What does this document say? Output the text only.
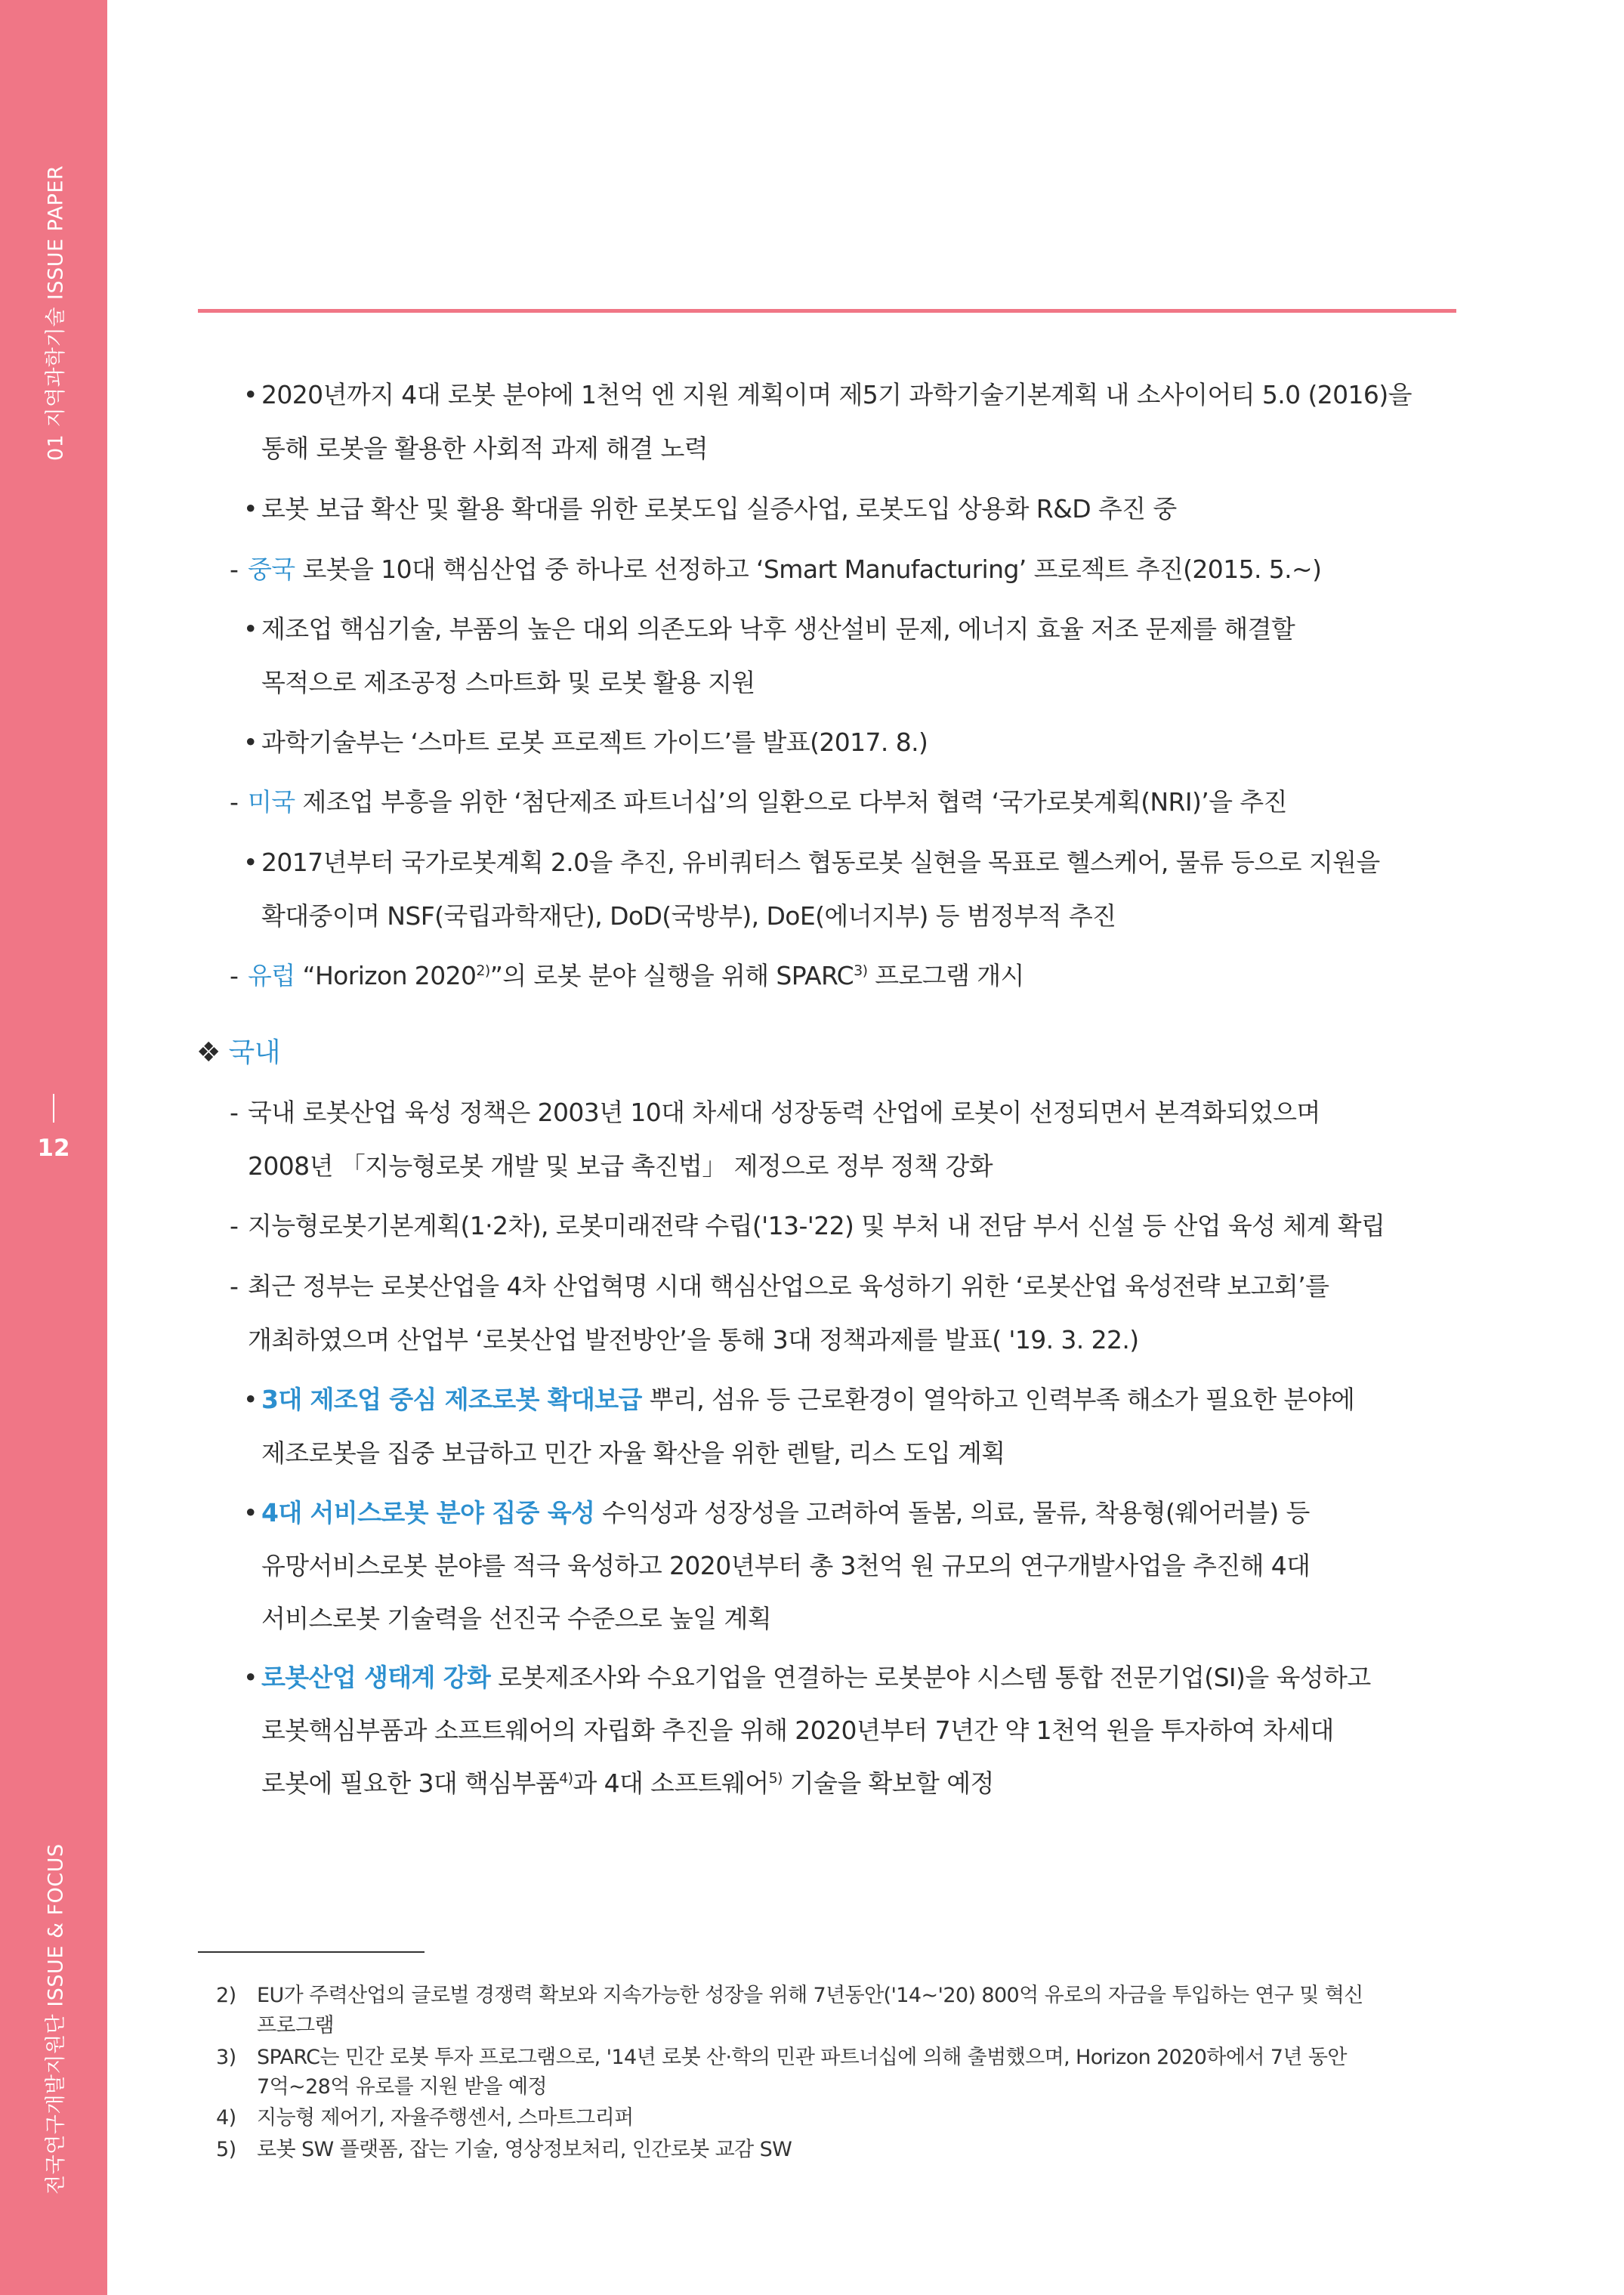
01 지역과학기술 ISSUE PAPER
12
전국연구개발지원단 ISSUE & FOCUS
• 2020년까지 4대 로봇 분야에 1천억 엔 지원 계획이며 제5기 과학기술기본계획 내 소사이어티 5.0 (2016)을
통해 로봇을 활용한 사회적 과제 해결 노력
• 로봇 보급 확산 및 활용 확대를 위한 로봇도입 실증사업, 로봇도입 상용화 R&D 추진 중
- 중국 로봇을 10대 핵심산업 중 하나로 선정하고 ‘Smart Manufacturing’ 프로젝트 추진(2015. 5.~)
• 제조업 핵심기술, 부품의 높은 대외 의존도와 낙후 생산설비 문제, 에너지 효율 저조 문제를 해결할
목적으로 제조공정 스마트화 및 로봇 활용 지원
• 과학기술부는 ‘스마트 로봇 프로젝트 가이드’를 발표(2017. 8.)
- 미국 제조업 부흥을 위한 ‘첨단제조 파트너십’의 일환으로 다부처 협력 ‘국가로봇계획(NRI)’을 추진
• 2017년부터 국가로봇계획 2.0을 추진, 유비쿼터스 협동로봇 실현을 목표로 헬스케어, 물류 등으로 지원을
확대중이며 NSF(국립과학재단), DoD(국방부), DoE(에너지부) 등 범정부적 추진
- 유럽 “Horizon 2020$^{2)}$”의 로봇 분야 실행을 위해 SPARC$^{3)}$ 프로그램 개시
❖ 국내
- 국내 로봇산업 육성 정책은 2003년 10대 차세대 성장동력 산업에 로봇이 선정되면서 본격화되었으며
2008년 「지능형로봇 개발 및 보급 촉진법」 제정으로 정부 정책 강화
- 지능형로봇기본계획(1·2차), 로봇미래전략 수립('13-'22) 및 부처 내 전담 부서 신설 등 산업 육성 체계 확립
- 최근 정부는 로봇산업을 4차 산업혁명 시대 핵심산업으로 육성하기 위한 ‘로봇산업 육성전략 보고회’를
개최하였으며 산업부 ‘로봇산업 발전방안’을 통해 3대 정책과제를 발표( '19. 3. 22.)
• 3대 제조업 중심 제조로봇 확대보급 뿌리, 섬유 등 근로환경이 열악하고 인력부족 해소가 필요한 분야에
제조로봇을 집중 보급하고 민간 자율 확산을 위한 렌탈, 리스 도입 계획
• 4대 서비스로봇 분야 집중 육성 수익성과 성장성을 고려하여 돌봄, 의료, 물류, 착용형(웨어러블) 등
유망서비스로봇 분야를 적극 육성하고 2020년부터 총 3천억 원 규모의 연구개발사업을 추진해 4대
서비스로봇 기술력을 선진국 수준으로 높일 계획
• 로봇산업 생태계 강화 로봇제조사와 수요기업을 연결하는 로봇분야 시스템 통합 전문기업(SI)을 육성하고
로봇핵심부품과 소프트웨어의 자립화 추진을 위해 2020년부터 7년간 약 1천억 원을 투자하여 차세대
로봇에 필요한 3대 핵심부품$^{4)}$과 4대 소프트웨어$^{5)}$ 기술을 확보할 예정
2) EU가 주력산업의 글로벌 경쟁력 확보와 지속가능한 성장을 위해 7년동안('14~'20) 800억 유로의 자금을 투입하는 연구 및 혁신
프로그램
3) SPARC는 민간 로봇 투자 프로그램으로, '14년 로봇 산·학의 민관 파트너십에 의해 출범했으며, Horizon 2020하에서 7년 동안
7억~28억 유로를 지원 받을 예정
4) 지능형 제어기, 자율주행센서, 스마트그리퍼
5) 로봇 SW 플랫폼, 잡는 기술, 영상정보처리, 인간로봇 교감 SW
